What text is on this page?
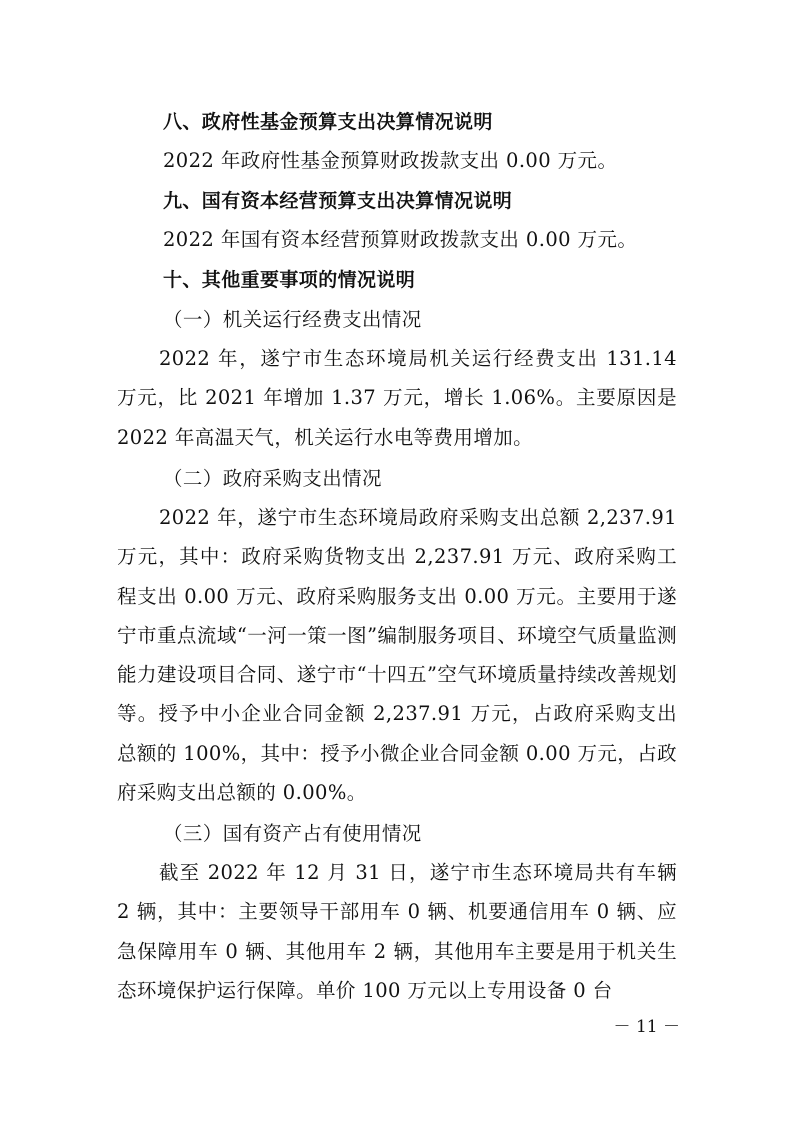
八、政府性基金预算支出决算情况说明
2022 年政府性基金预算财政拨款支出 0.00 万元。
九、国有资本经营预算支出决算情况说明
2022 年国有资本经营预算财政拨款支出 0.00 万元。
十、其他重要事项的情况说明
（一）机关运行经费支出情况
2022 年，遂宁市生态环境局机关运行经费支出 131.14 万元，比 2021 年增加 1.37 万元，增长 1.06%。主要原因是 2022 年高温天气，机关运行水电等费用增加。
（二）政府采购支出情况
2022 年，遂宁市生态环境局政府采购支出总额 2,237.91 万元，其中：政府采购货物支出 2,237.91 万元、政府采购工程支出 0.00 万元、政府采购服务支出 0.00 万元。主要用于遂宁市重点流域“一河一策一图”编制服务项目、环境空气质量监测能力建设项目合同、遂宁市“十四五”空气环境质量持续改善规划等。授予中小企业合同金额 2,237.91 万元，占政府采购支出总额的 100%，其中：授予小微企业合同金额 0.00 万元，占政府采购支出总额的 0.00%。
（三）国有资产占有使用情况
截至 2022 年 12 月 31 日，遂宁市生态环境局共有车辆 2 辆，其中：主要领导干部用车 0 辆、机要通信用车 0 辆、应急保障用车 0 辆、其他用车 2 辆，其他用车主要是用于机关生态环境保护运行保障。单价 100 万元以上专用设备 0 台
－ 11 －
